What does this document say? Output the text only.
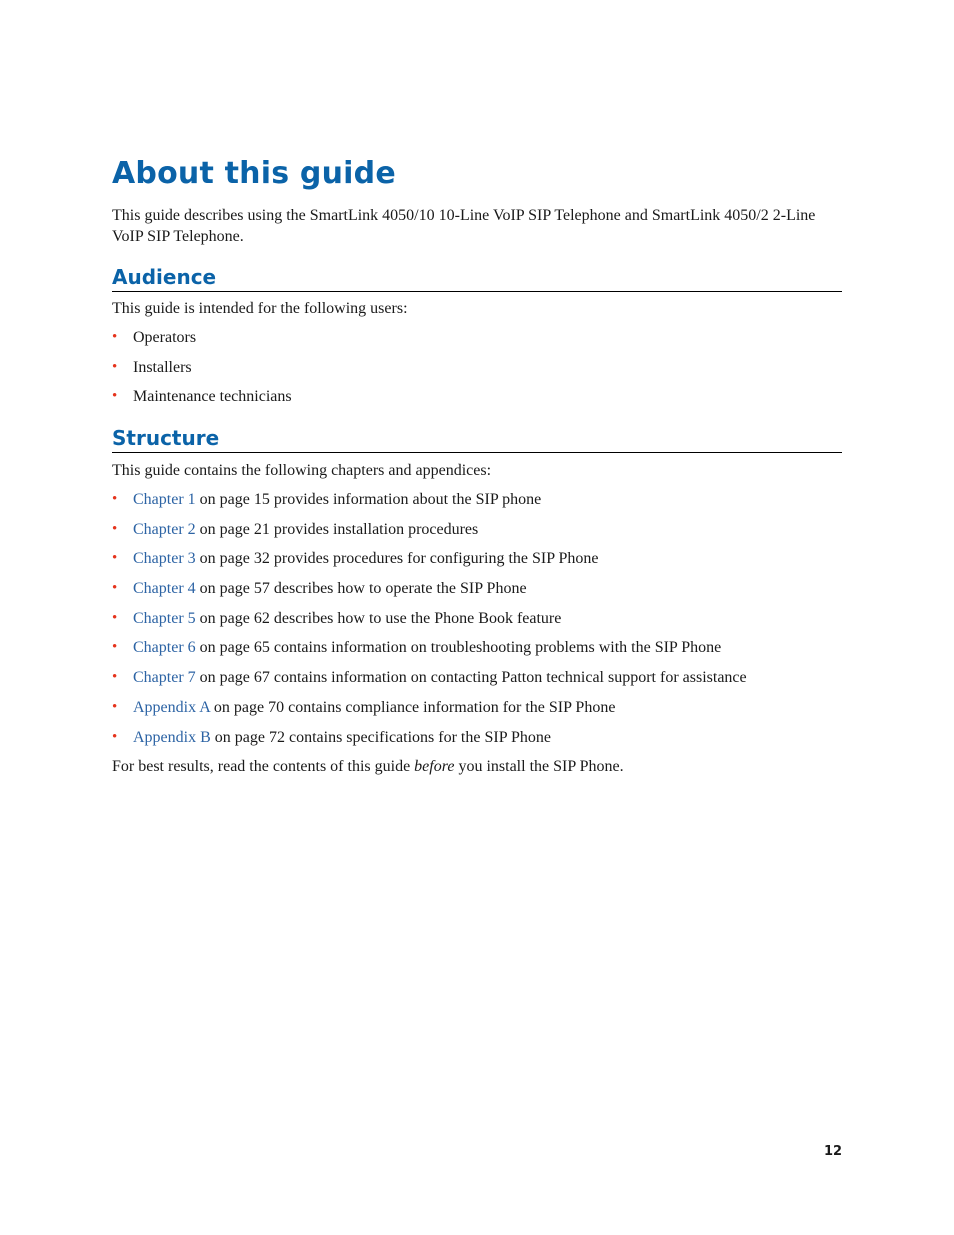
About this guide

This guide describes using the SmartLink 4050/10 10-Line VoIP SIP Telephone and SmartLink 4050/2 2-Line VoIP SIP Telephone.

Audience

This guide is intended for the following users:

• Operators
• Installers
• Maintenance technicians
Structure

This guide contains the following chapters and appendices:

• Chapter 1 on page 15 provides information about the SIP phone
• Chapter 2 on page 21 provides installation procedures
• Chapter 3 on page 32 provides procedures for configuring the SIP Phone
• Chapter 4 on page 57 describes how to operate the SIP Phone
• Chapter 5 on page 62 describes how to use the Phone Book feature
• Chapter 6 on page 65 contains information on troubleshooting problems with the SIP Phone
• Chapter 7 on page 67 contains information on contacting Patton technical support for assistance
• Appendix A on page 70 contains compliance information for the SIP Phone
• Appendix B on page 72 contains specifications for the SIP Phone

For best results, read the contents of this guide before you install the SIP Phone.

12
